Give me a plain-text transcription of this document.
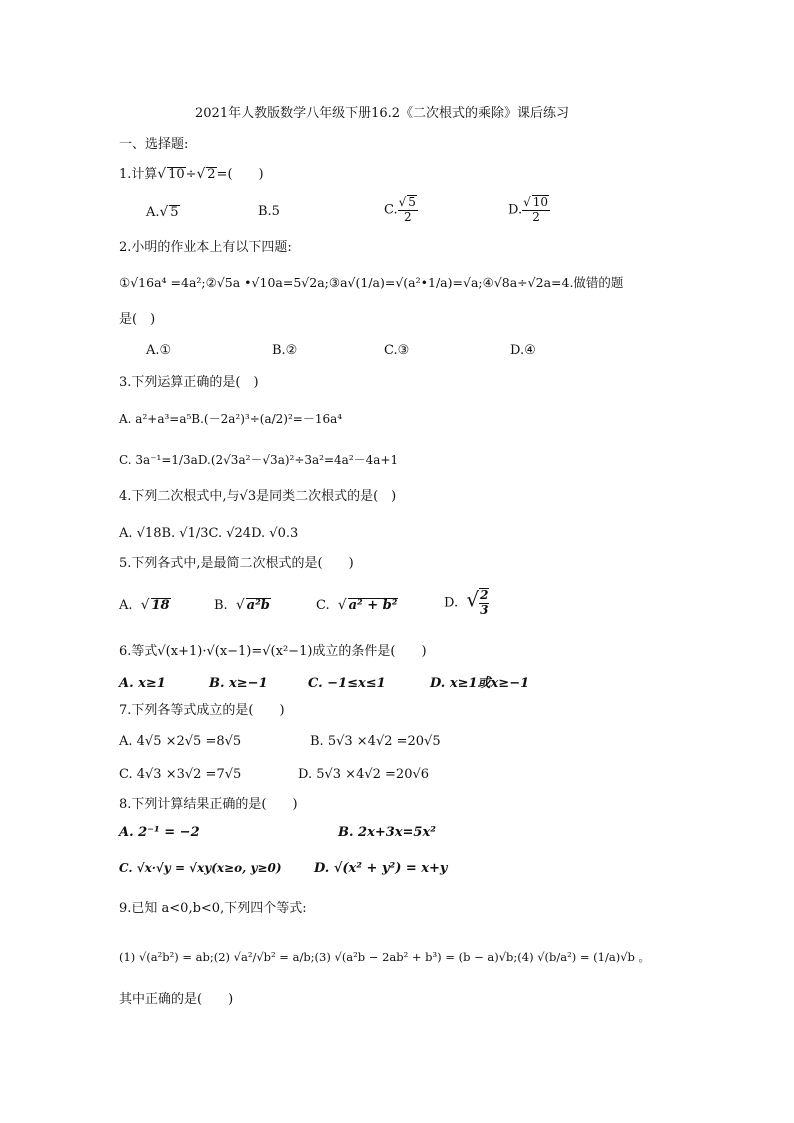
2021年人教版数学八年级下册16.2《二次根式的乘除》课后练习
一、选择题:
1.计算√ 10÷√ 2=(　　)
A.√ 5	B.5	C. $\frac{√ 5}{2}$	D. $\frac{√ 10}{2}$
2.小明的作业本上有以下四题:
①√16a⁴ =4a²;②√5a •√10a=5√2a;③a√(1/a)=√(a²•1/a)=√a;④√8a÷√2a=4.做错的题
是(　)
A.①	B.②	C.③	D.④
3.下列运算正确的是(　)
A. a²+a³=a⁵B.(－2a²)³÷(a/2)²=－16a⁴
C. 3a⁻¹=1/3aD.(2√3a²－√3a)²÷3a²=4a²－4a+1
4.下列二次根式中,与√3是同类二次根式的是(　)
A. √18B. √1/3C. √24D. √0.3
5.下列各式中,是最简二次根式的是(　　)
A. √ 18	B. √ a²b	C. √ a² + b²	D. √ $\frac{2}{3}$
6.等式√(x+1)·√(x−1)=√(x²−1)成立的条件是(　　)
A. x≥1	B. x≥−1	C. −1≤x≤1	D. x≥1或x≥−1
7.下列各等式成立的是(　　)
A. 4√5 ×2√5 =8√5	B. 5√3 ×4√2 =20√5
C. 4√3 ×3√2 =7√5	D. 5√3 ×4√2 =20√6
8.下列计算结果正确的是(　　)
A. 2⁻¹ = −2	B. 2x+3x=5x²
C. √x·√y = √xy(x≥o, y≥0)	D. √(x² + y²) = x+y
9.已知 a<0,b<0,下列四个等式:
(1) √(a²b²) = ab;(2) √a²/√b² = a/b;(3) √(a²b − 2ab² + b³) = (b − a)√b;(4) √(b/a²) = (1/a)√b 。
其中正确的是(　　)
